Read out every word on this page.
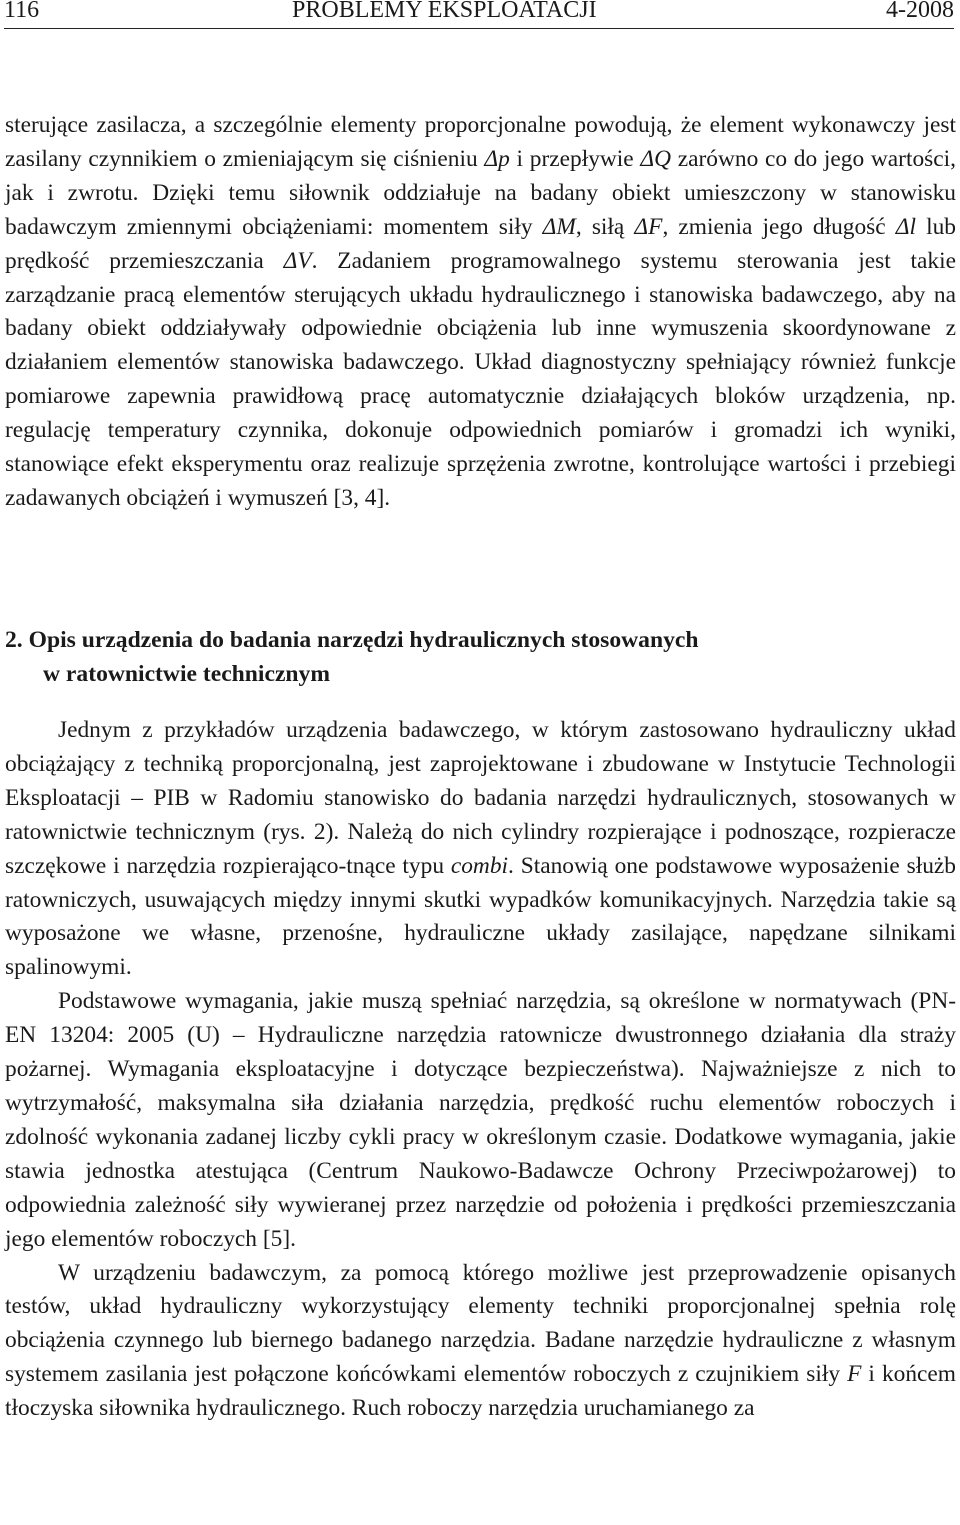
116	PROBLEMY EKSPLOATACJI	4-2008

sterujące zasilacza, a szczególnie elementy proporcjonalne powodują, że element wykonawczy jest zasilany czynnikiem o zmieniającym się ciśnieniu Δp i przepływie ΔQ zarówno co do jego wartości, jak i zwrotu. Dzięki temu siłownik oddziałuje na badany obiekt umieszczony w stanowisku badawczym zmiennymi obciążeniami: momentem siły ΔM, siłą ΔF, zmienia jego długość Δl lub prędkość przemieszczania ΔV. Zadaniem programowalnego systemu sterowania jest takie zarządzanie pracą elementów sterujących układu hydraulicznego i stanowiska badawczego, aby na badany obiekt oddziaływały odpowiednie obciążenia lub inne wymuszenia skoordynowane z działaniem elementów stanowiska badawczego. Układ diagnostyczny spełniający również funkcje pomiarowe zapewnia prawidłową pracę automatycznie działających bloków urządzenia, np. regulację temperatury czynnika, dokonuje odpowiednich pomiarów i gromadzi ich wyniki, stanowiące efekt eksperymentu oraz realizuje sprzężenia zwrotne, kontrolujące wartości i przebiegi zadawanych obciążeń i wymuszeń [3, 4].

2. Opis urządzenia do badania narzędzi hydraulicznych stosowanych
w ratownictwie technicznym

Jednym z przykładów urządzenia badawczego, w którym zastosowano hydrauliczny układ obciążający z techniką proporcjonalną, jest zaprojektowane i zbudowane w Instytucie Technologii Eksploatacji – PIB w Radomiu stanowisko do badania narzędzi hydraulicznych, stosowanych w ratownictwie technicznym (rys. 2). Należą do nich cylindry rozpierające i podnoszące, rozpieracze szczękowe i narzędzia rozpierająco-tnące typu combi. Stanowią one podstawowe wyposażenie służb ratowniczych, usuwających między innymi skutki wypadków komunikacyjnych. Narzędzia takie są wyposażone we własne, przenośne, hydrauliczne układy zasilające, napędzane silnikami spalinowymi.

Podstawowe wymagania, jakie muszą spełniać narzędzia, są określone w normatywach (PN-EN 13204: 2005 (U) – Hydrauliczne narzędzia ratownicze dwustronnego działania dla straży pożarnej. Wymagania eksploatacyjne i dotyczące bezpieczeństwa). Najważniejsze z nich to wytrzymałość, maksymalna siła działania narzędzia, prędkość ruchu elementów roboczych i zdolność wykonania zadanej liczby cykli pracy w określonym czasie. Dodatkowe wymagania, jakie stawia jednostka atestująca (Centrum Naukowo-Badawcze Ochrony Przeciwpożarowej) to odpowiednia zależność siły wywieranej przez narzędzie od położenia i prędkości przemieszczania jego elementów roboczych [5].

W urządzeniu badawczym, za pomocą którego możliwe jest przeprowadzenie opisanych testów, układ hydrauliczny wykorzystujący elementy techniki proporcjonalnej spełnia rolę obciążenia czynnego lub biernego badanego narzędzia. Badane narzędzie hydrauliczne z własnym systemem zasilania jest połączone końcówkami elementów roboczych z czujnikiem siły F i końcem tłoczyska siłownika hydraulicznego. Ruch roboczy narzędzia uruchamianego za
